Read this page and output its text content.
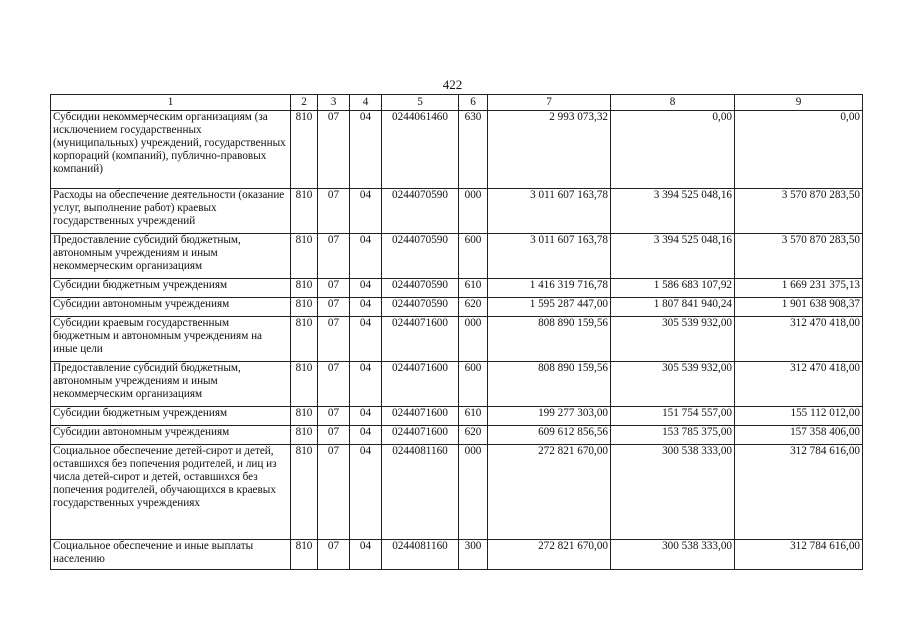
422
1	2	3	4	5	6	7	8	9
Субсидии некоммерческим организациям (за исключением государственных (муниципальных) учреждений, государственных корпораций (компаний), публично-правовых компаний)	810	07	04	0244061460	630	2 993 073,32	0,00	0,00
Расходы на обеспечение деятельности (оказание услуг, выполнение работ) краевых государственных учреждений	810	07	04	0244070590	000	3 011 607 163,78	3 394 525 048,16	3 570 870 283,50
Предоставление субсидий бюджетным, автономным учреждениям и иным некоммерческим организациям	810	07	04	0244070590	600	3 011 607 163,78	3 394 525 048,16	3 570 870 283,50
Субсидии бюджетным учреждениям	810	07	04	0244070590	610	1 416 319 716,78	1 586 683 107,92	1 669 231 375,13
Субсидии автономным учреждениям	810	07	04	0244070590	620	1 595 287 447,00	1 807 841 940,24	1 901 638 908,37
Субсидии краевым государственным бюджетным и автономным учреждениям на иные цели	810	07	04	0244071600	000	808 890 159,56	305 539 932,00	312 470 418,00
Предоставление субсидий бюджетным, автономным учреждениям и иным некоммерческим организациям	810	07	04	0244071600	600	808 890 159,56	305 539 932,00	312 470 418,00
Субсидии бюджетным учреждениям	810	07	04	0244071600	610	199 277 303,00	151 754 557,00	155 112 012,00
Субсидии автономным учреждениям	810	07	04	0244071600	620	609 612 856,56	153 785 375,00	157 358 406,00
Социальное обеспечение детей-сирот и детей, оставшихся без попечения родителей, и лиц из числа детей-сирот и детей, оставшихся без попечения родителей, обучающихся в краевых государственных учреждениях	810	07	04	0244081160	000	272 821 670,00	300 538 333,00	312 784 616,00
Социальное обеспечение и иные выплаты населению	810	07	04	0244081160	300	272 821 670,00	300 538 333,00	312 784 616,00
